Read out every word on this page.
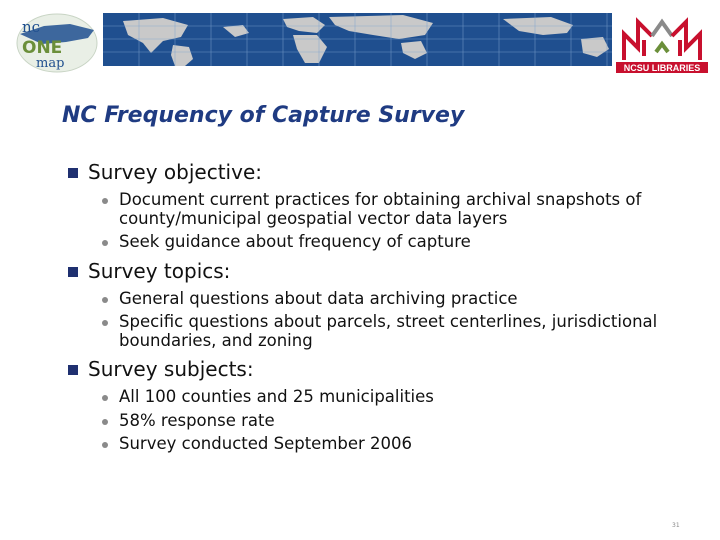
nc
ONE
map	NCSU LIBRARIES
NC Frequency of Capture Survey
Survey objective:
Document current practices for obtaining archival snapshots of county/municipal geospatial vector data layers
Seek guidance about frequency of capture
Survey topics:
General questions about data archiving practice
Specific questions about parcels, street centerlines, jurisdictional boundaries, and zoning
Survey subjects:
All 100 counties and 25 municipalities
58% response rate
Survey conducted September 2006
31
